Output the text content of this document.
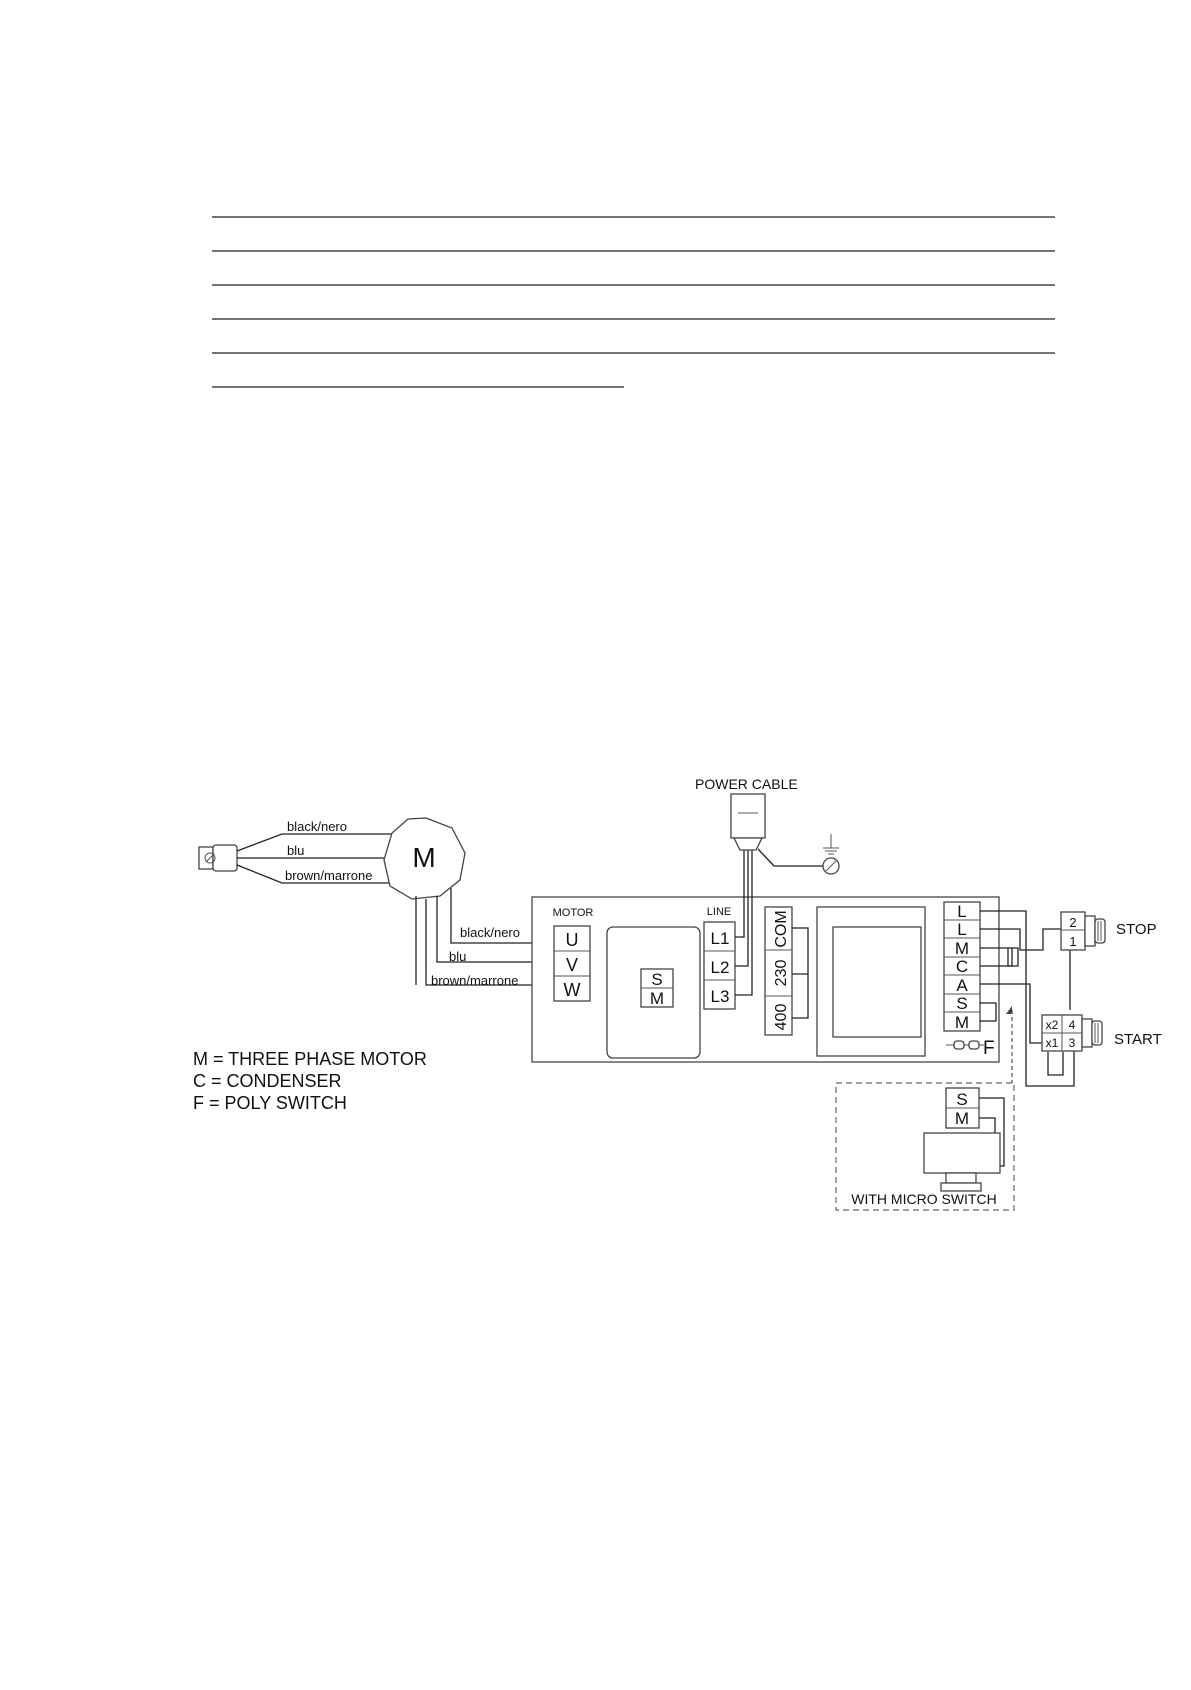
black/nero
blu
brown/marrone
M
black/nero
blu
brown/marrone
MOTOR	LINE
U
V
W
S
M
L1
L2
L3
POWER CABLE
COM
230
400
L
L
M
C
A
S
M
F
2
1
STOP
x2
x1
4
3	START
S
M
WITH MICRO SWITCH
M = THREE PHASE MOTOR
C = CONDENSER
F = POLY SWITCH
